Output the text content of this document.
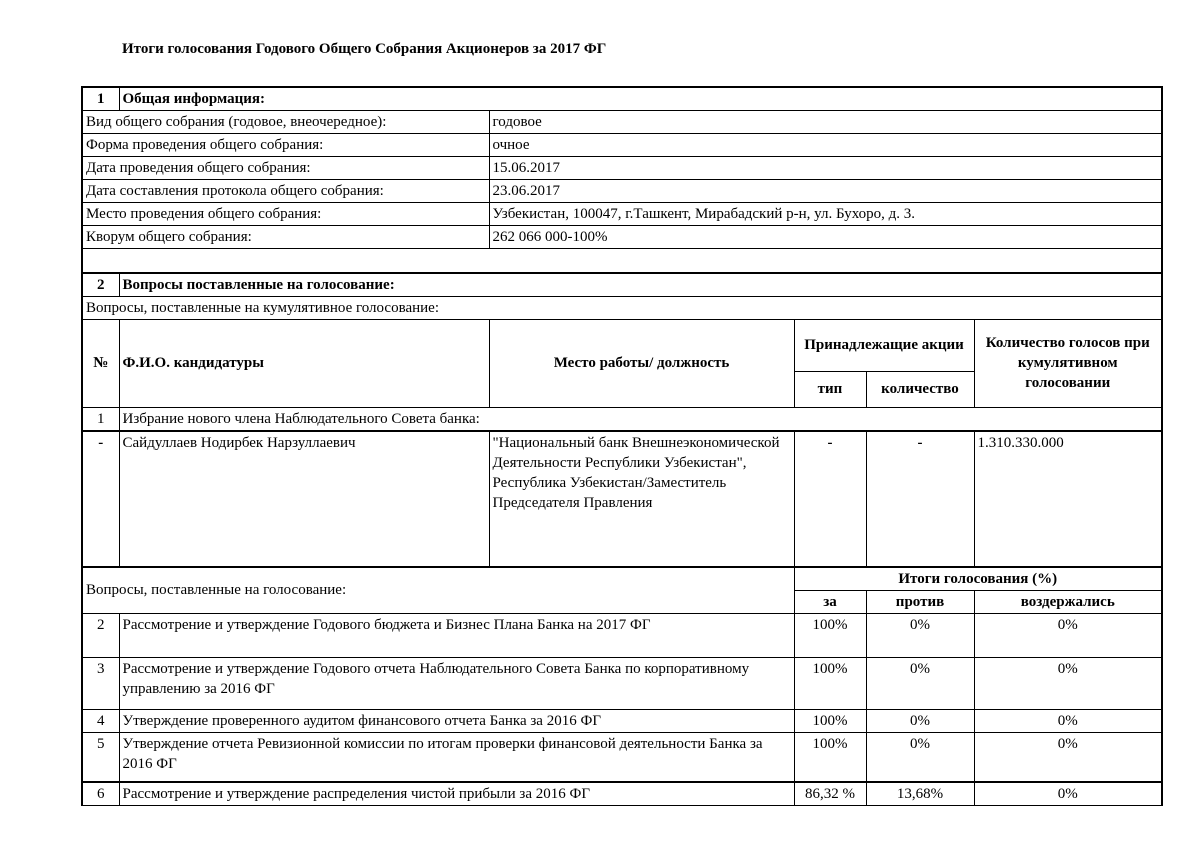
Итоги голосования Годового Общего Собрания Акционеров за 2017 ФГ
1	Общая информация:				
Вид общего собрания (годовое, внеочередное):		годовое			
Форма проведения общего собрания:		очное			
Дата проведения общего собрания:		15.06.2017			
Дата составления протокола общего собрания:		23.06.2017			
Место проведения общего собрания:		Узбекистан, 100047, г.Ташкент, Мирабадский р-н, ул. Бухоро, д. 3.			
Кворум общего собрания:		262 066 000-100%			

2	Вопросы поставленные на голосование:				
Вопросы, поставленные на кумулятивное голосование:					
№	Ф.И.О. кандидатуры	Место работы/ должность	Принадлежащие акции		Количество голосов при кумулятивном голосовании
			тип	количество	
1	Избрание нового члена Наблюдательного Совета банка:				
-	Сайдуллаев Нодирбек Нарзуллаевич	"Национальный банк Внешнеэкономической Деятельности Республики Узбекистан", Республика Узбекистан/Заместитель Председателя Правления	-	-	1.310.330.000
Вопросы, поставленные на голосование:			Итоги голосования (%)		
			за	против	воздержались
2	Рассмотрение и утверждение Годового бюджета и Бизнес Плана Банка на 2017 ФГ		100%	0%	0%
3	Рассмотрение и утверждение Годового отчета Наблюдательного Совета Банка по корпоративному управлению за 2016 ФГ		100%	0%	0%
4	Утверждение проверенного аудитом финансового отчета Банка за 2016 ФГ		100%	0%	0%
5	Утверждение отчета Ревизионной комиссии по итогам проверки финансовой деятельности Банка за 2016 ФГ		100%	0%	0%
6	Рассмотрение и утверждение распределения чистой прибыли за 2016 ФГ		86,32 %	13,68%	0%
